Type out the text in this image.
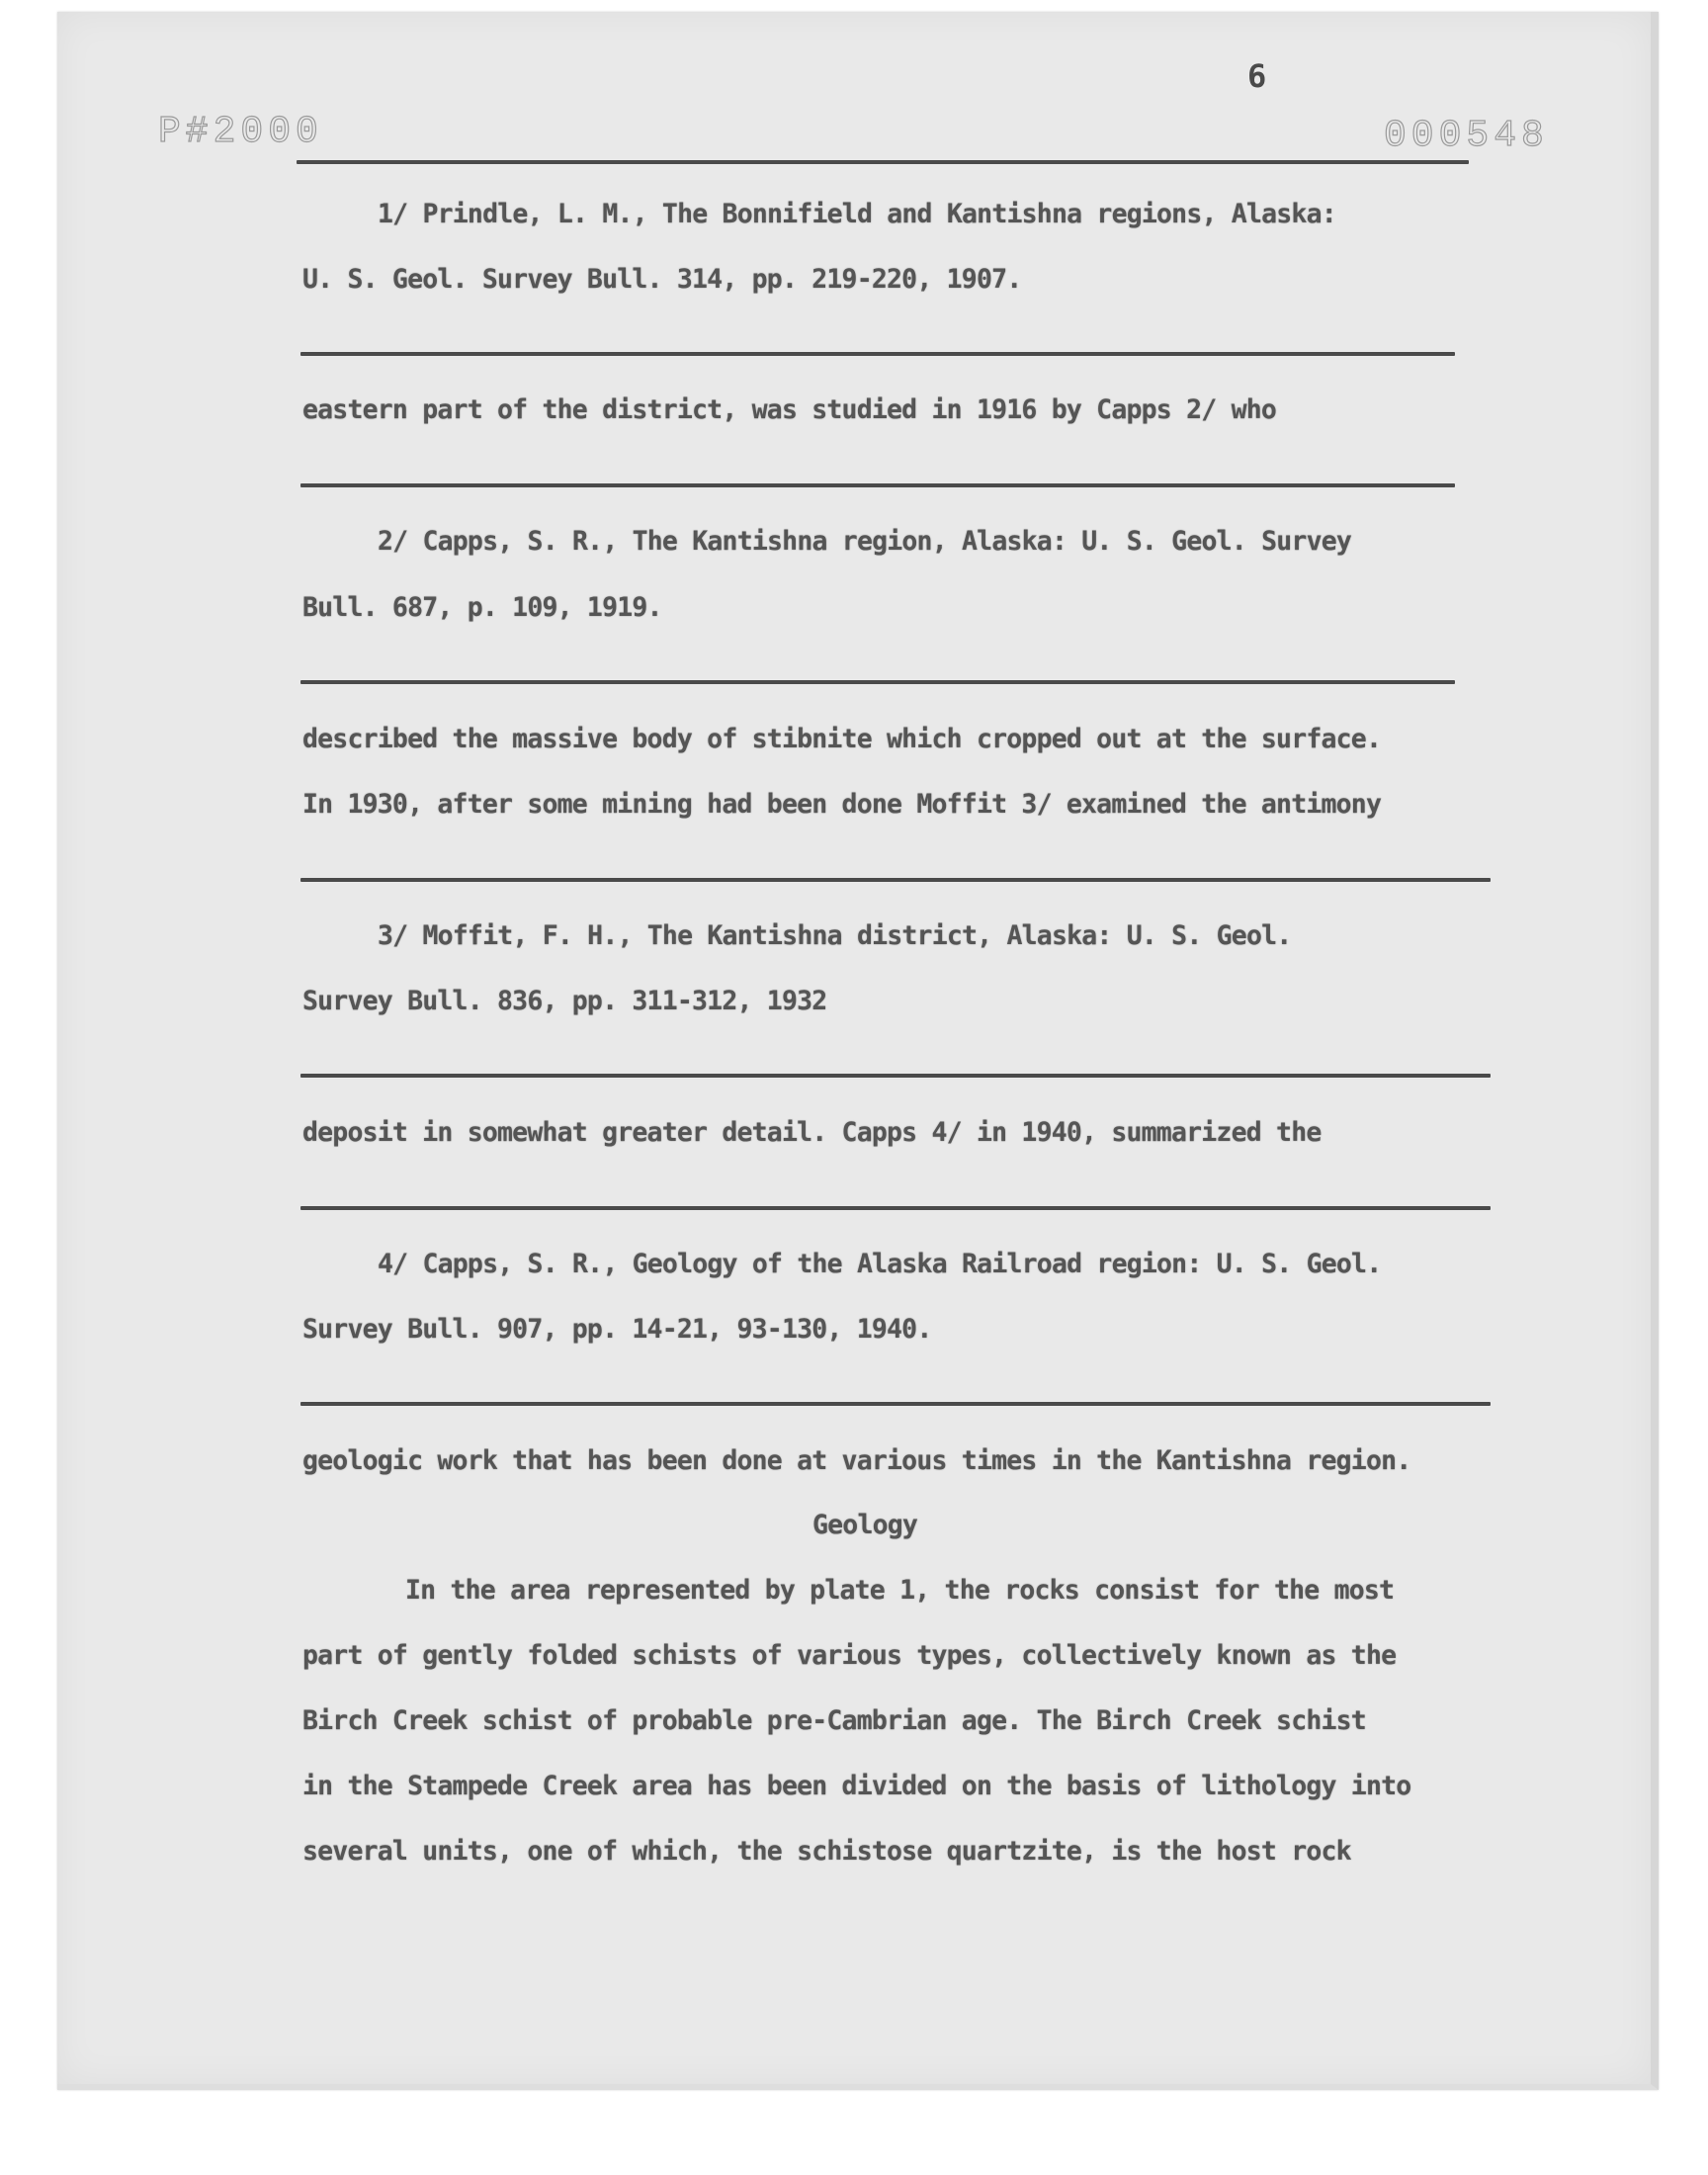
P#2000
6
000548
1/ Prindle, L. M., The Bonnifield and Kantishna regions, Alaska:
U. S. Geol. Survey Bull. 314, pp. 219-220, 1907.
eastern part of the district, was studied in 1916 by Capps 2/ who
2/ Capps, S. R., The Kantishna region, Alaska: U. S. Geol. Survey
Bull. 687, p. 109, 1919.
described the massive body of stibnite which cropped out at the surface.
In 1930, after some mining had been done Moffit 3/ examined the antimony
3/ Moffit, F. H., The Kantishna district, Alaska: U. S. Geol.
Survey Bull. 836, pp. 311-312, 1932
deposit in somewhat greater detail. Capps 4/ in 1940, summarized the
4/ Capps, S. R., Geology of the Alaska Railroad region: U. S. Geol.
Survey Bull. 907, pp. 14-21, 93-130, 1940.
geologic work that has been done at various times in the Kantishna region.
Geology
In the area represented by plate 1, the rocks consist for the most
part of gently folded schists of various types, collectively known as the
Birch Creek schist of probable pre-Cambrian age. The Birch Creek schist
in the Stampede Creek area has been divided on the basis of lithology into
several units, one of which, the schistose quartzite, is the host rock
